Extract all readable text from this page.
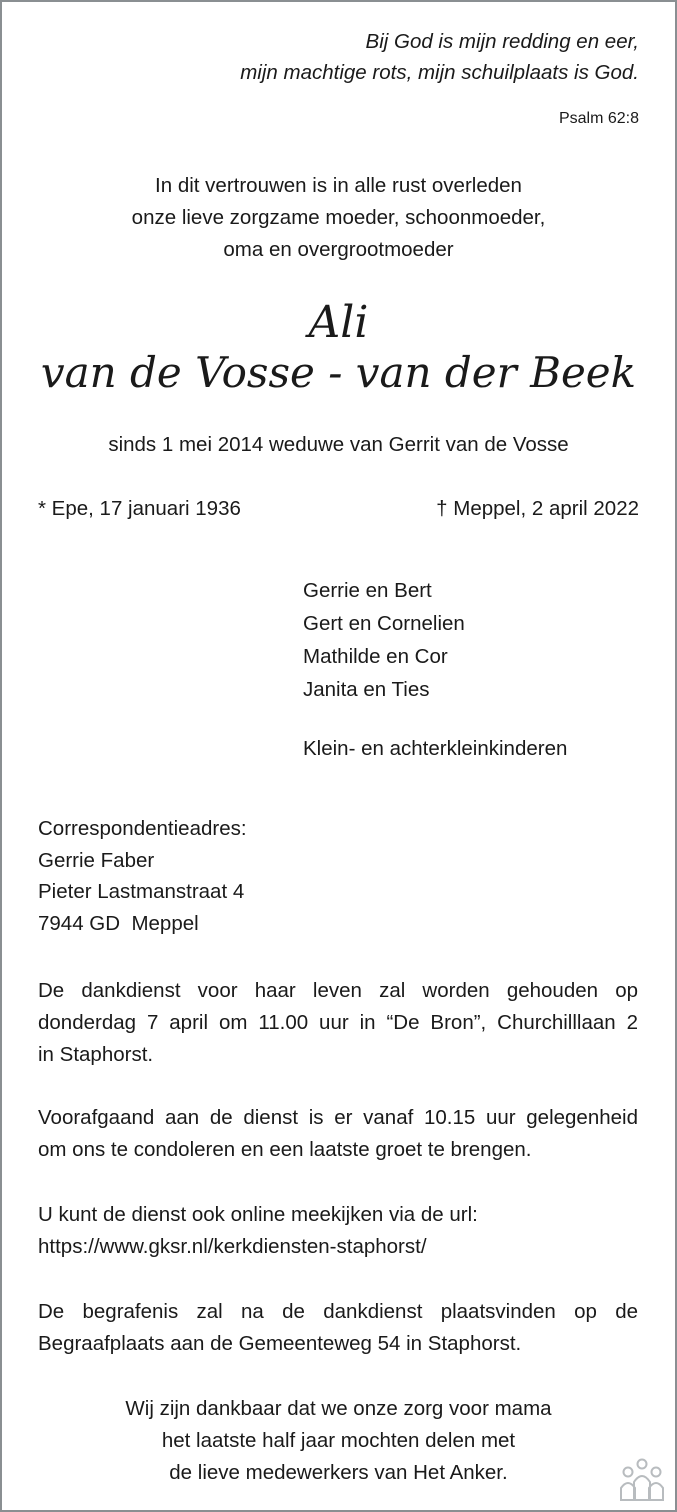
Bij God is mijn redding en eer,
mijn machtige rots, mijn schuilplaats is God.
Psalm 62:8
In dit vertrouwen is in alle rust overleden
onze lieve zorgzame moeder, schoonmoeder,
oma en overgrootmoeder
Ali
van de Vosse - van der Beek
sinds 1 mei 2014 weduwe van Gerrit van de Vosse
* Epe, 17 januari 1936	† Meppel, 2 april 2022
Gerrie en Bert
Gert en Cornelien
Mathilde en Cor
Janita en Ties
Klein- en achterkleinkinderen
Correspondentieadres:
Gerrie Faber
Pieter Lastmanstraat 4
7944 GD  Meppel
De dankdienst voor haar leven zal worden gehouden op
donderdag 7 april om 11.00 uur in “De Bron”, Churchilllaan 2
in Staphorst.
Voorafgaand aan de dienst is er vanaf 10.15 uur gelegenheid
om ons te condoleren en een laatste groet te brengen.
U kunt de dienst ook online meekijken via de url:
https://www.gksr.nl/kerkdiensten-staphorst/
De begrafenis zal na de dankdienst plaatsvinden op de
Begraafplaats aan de Gemeenteweg 54 in Staphorst.
Wij zijn dankbaar dat we onze zorg voor mama
het laatste half jaar mochten delen met
de lieve medewerkers van Het Anker.
